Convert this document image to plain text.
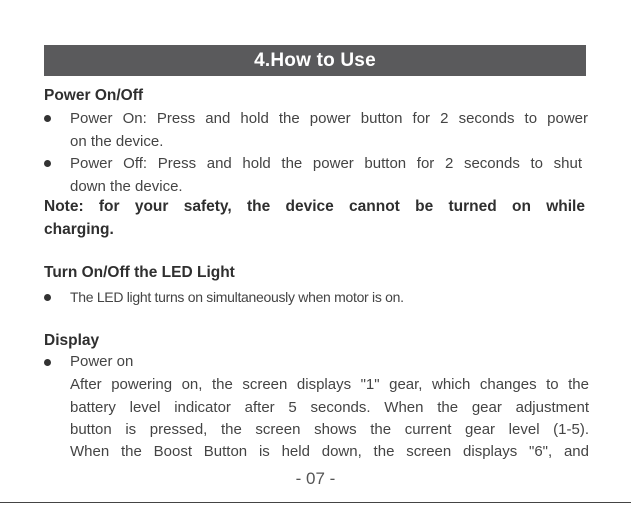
4.How to Use
Power On/Off
Power On: Press and hold the power button for 2 seconds to power
on the device.
Power Off: Press and hold the power button for 2 seconds to shut
down the device.
Note: for your safety, the device cannot be turned on while
charging.
Turn On/Off the LED Light
The LED light turns on simultaneously when motor is on.
Display
Power on
After powering on, the screen displays "1" gear, which changes to the
battery level indicator after 5 seconds. When the gear adjustment
button is pressed, the screen shows the current gear level (1-5).
When the Boost Button is held down, the screen displays "6", and
- 07 -
